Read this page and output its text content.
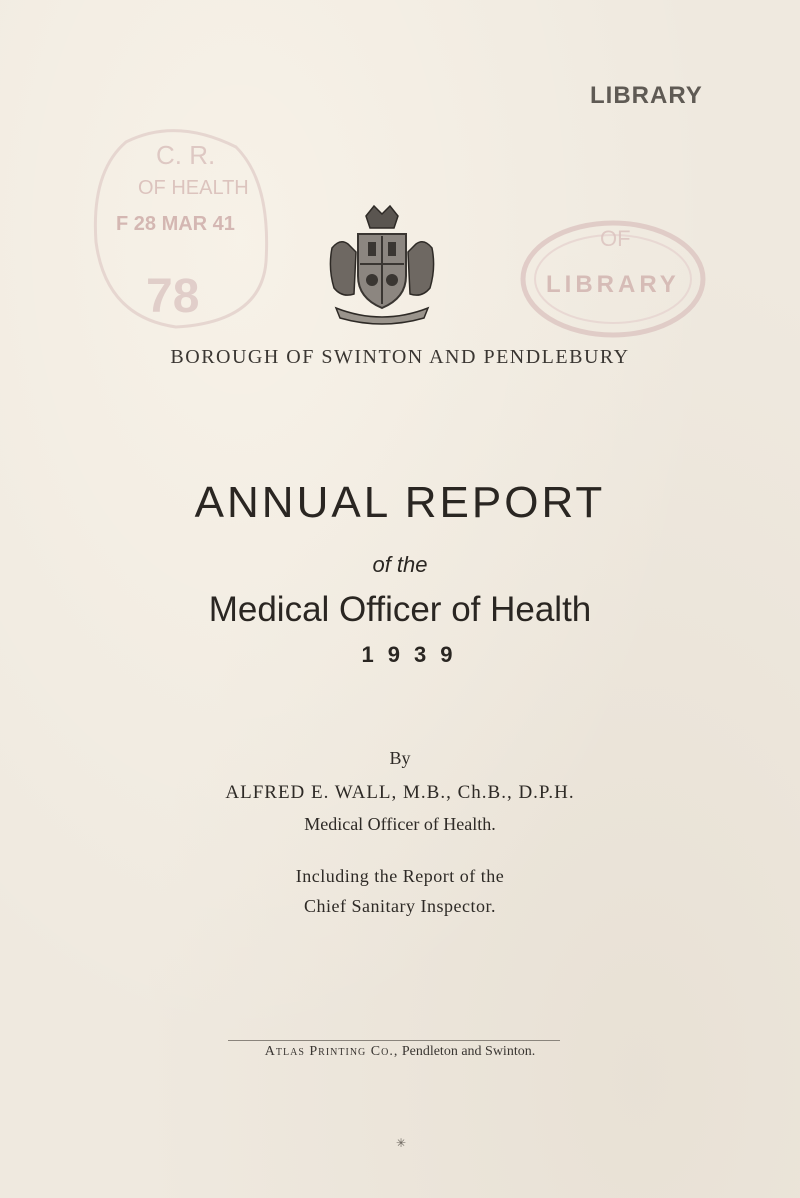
LIBRARY
C. R.
OF HEALTH
F 28 MAR 41
78
OF
LIBRARY
BOROUGH OF SWINTON AND PENDLEBURY
ANNUAL REPORT
of the
Medical Officer of Health
1939
By
ALFRED E. WALL, M.B., Ch.B., D.P.H.
Medical Officer of Health.
Including the Report of the
Chief Sanitary Inspector.
Atlas Printing Co., Pendleton and Swinton.
✳
